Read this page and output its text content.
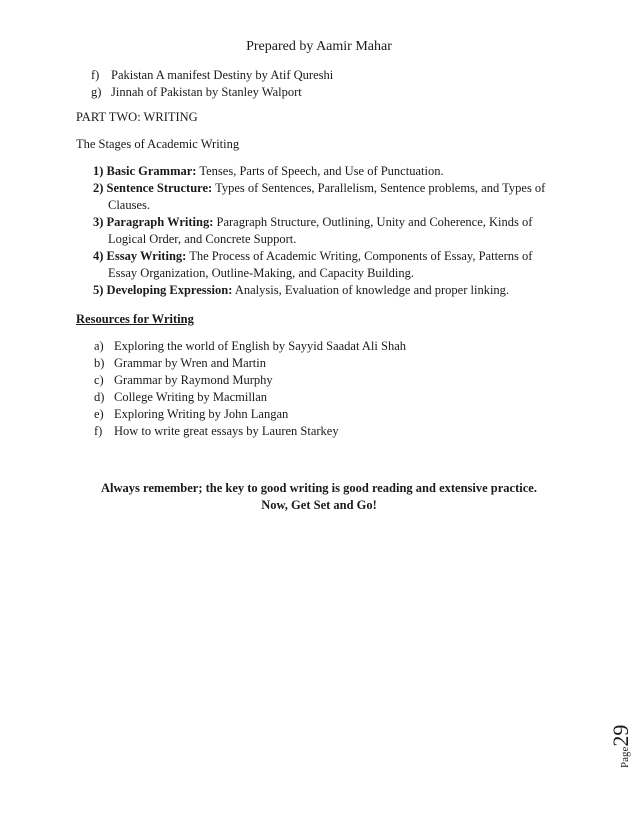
Prepared by Aamir Mahar
f) Pakistan A manifest Destiny by Atif Qureshi
g) Jinnah of Pakistan by Stanley Walport
PART TWO: WRITING
The Stages of Academic Writing
1) Basic Grammar: Tenses, Parts of Speech, and Use of Punctuation.
2) Sentence Structure: Types of Sentences, Parallelism, Sentence problems, and Types of
Clauses.
3) Paragraph Writing: Paragraph Structure, Outlining, Unity and Coherence, Kinds of
Logical Order, and Concrete Support.
4) Essay Writing: The Process of Academic Writing, Components of Essay, Patterns of
Essay Organization, Outline-Making, and Capacity Building.
5) Developing Expression: Analysis, Evaluation of knowledge and proper linking.
Resources for Writing
a) Exploring the world of English by Sayyid Saadat Ali Shah
b) Grammar by Wren and Martin
c) Grammar by Raymond Murphy
d) College Writing by Macmillan
e) Exploring Writing by John Langan
f) How to write great essays by Lauren Starkey
Always remember; the key to good writing is good reading and extensive practice.
Now, Get Set and Go!
Page29
